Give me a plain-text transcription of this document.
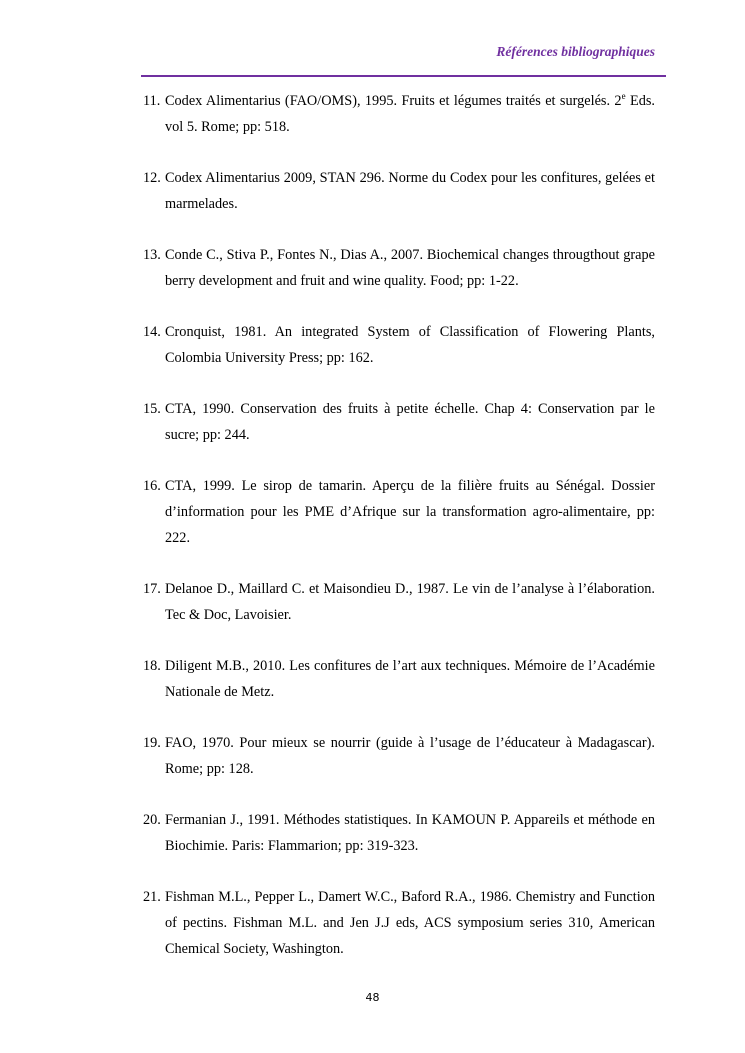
Références bibliographiques
11. Codex Alimentarius (FAO/OMS), 1995. Fruits et légumes traités et surgelés. 2e Eds. vol 5. Rome; pp: 518.
12. Codex Alimentarius 2009, STAN 296. Norme du Codex pour les confitures, gelées et marmelades.
13. Conde C., Stiva P., Fontes N., Dias A., 2007. Biochemical changes througthout grape berry development and fruit and wine quality. Food; pp: 1-22.
14. Cronquist, 1981. An integrated System of Classification of Flowering Plants, Colombia University Press; pp: 162.
15. CTA, 1990. Conservation des fruits à petite échelle. Chap 4: Conservation par le sucre; pp: 244.
16. CTA, 1999. Le sirop de tamarin. Aperçu de la filière fruits au Sénégal. Dossier d’information pour les PME d’Afrique sur la transformation agro-alimentaire, pp: 222.
17. Delanoe D., Maillard C. et Maisondieu D., 1987. Le vin de l’analyse à l’élaboration. Tec & Doc, Lavoisier.
18. Diligent M.B., 2010. Les confitures de l’art aux techniques. Mémoire de l’Académie Nationale de Metz.
19. FAO, 1970. Pour mieux se nourrir (guide à l’usage de l’éducateur à Madagascar). Rome; pp: 128.
20. Fermanian J., 1991. Méthodes statistiques. In KAMOUN P. Appareils et méthode en Biochimie. Paris: Flammarion; pp: 319-323.
21. Fishman M.L., Pepper L., Damert W.C., Baford R.A., 1986. Chemistry and Function of pectins. Fishman M.L. and Jen J.J eds, ACS symposium series 310, American Chemical Society, Washington.
48
